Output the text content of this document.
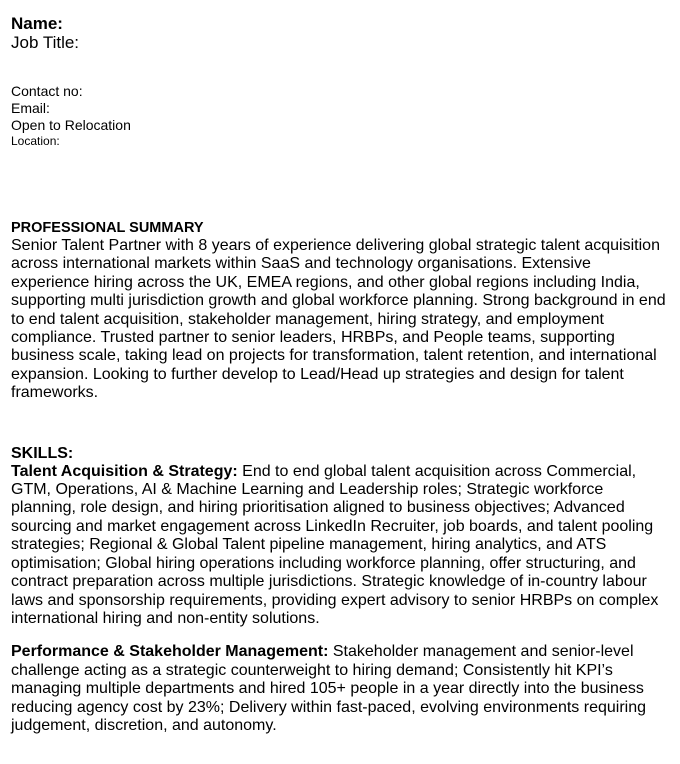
Name:

Job Title:

Contact no:

Email:

Open to Relocation

Location:

PROFESSIONAL SUMMARY

Senior Talent Partner with 8 years of experience delivering global strategic talent acquisition across international markets within SaaS and technology organisations. Extensive experience hiring across the UK, EMEA regions, and other global regions including India, supporting multi jurisdiction growth and global workforce planning. Strong background in end to end talent acquisition, stakeholder management, hiring strategy, and employment compliance. Trusted partner to senior leaders, HRBPs, and People teams, supporting business scale, taking lead on projects for transformation, talent retention, and international expansion. Looking to further develop to Lead/Head up strategies and design for talent frameworks.

SKILLS:

Talent Acquisition & Strategy: End to end global talent acquisition across Commercial, GTM, Operations, AI & Machine Learning and Leadership roles; Strategic workforce planning, role design, and hiring prioritisation aligned to business objectives; Advanced sourcing and market engagement across LinkedIn Recruiter, job boards, and talent pooling strategies; Regional & Global Talent pipeline management, hiring analytics, and ATS optimisation; Global hiring operations including workforce planning, offer structuring, and contract preparation across multiple jurisdictions. Strategic knowledge of in-country labour laws and sponsorship requirements, providing expert advisory to senior HRBPs on complex international hiring and non-entity solutions.

Performance & Stakeholder Management: Stakeholder management and senior-level challenge acting as a strategic counterweight to hiring demand; Consistently hit KPI’s managing multiple departments and hired 105+ people in a year directly into the business reducing agency cost by 23%; Delivery within fast-paced, evolving environments requiring judgement, discretion, and autonomy.
